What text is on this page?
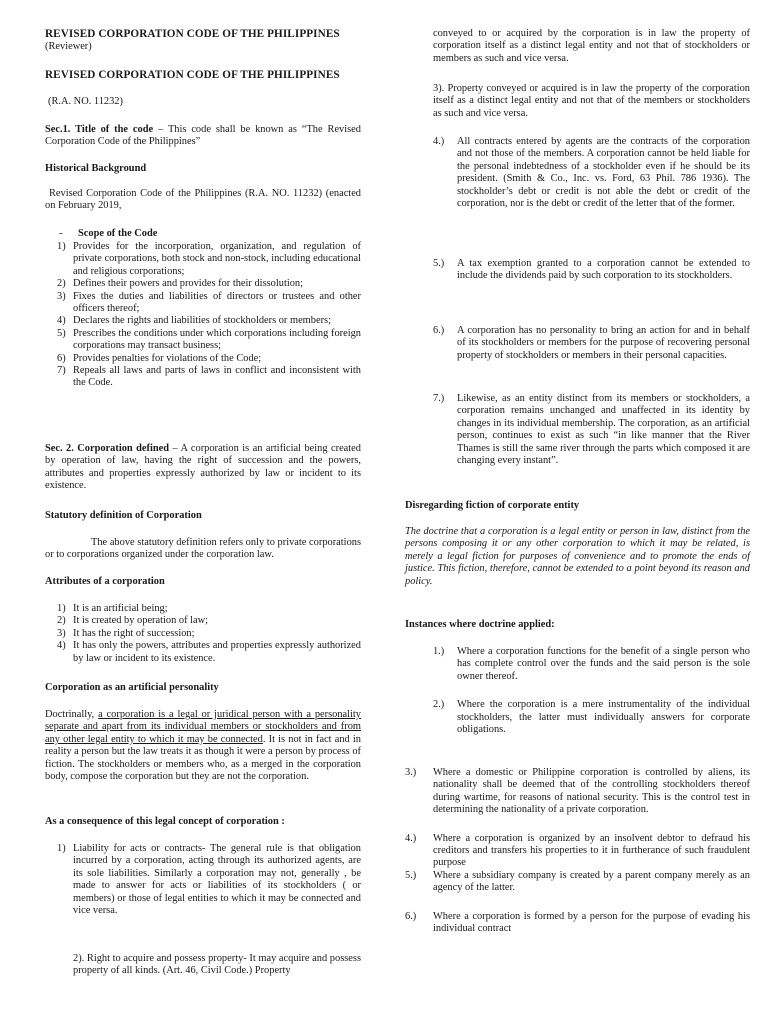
REVISED CORPORATION CODE OF THE PHILIPPINES
(Reviewer)
REVISED CORPORATION CODE OF THE PHILIPPINES
(R.A. NO. 11232)
Sec.1. Title of the code – This code shall be known as “The Revised Corporation Code of the Philippines”
Historical Background
Revised Corporation Code of the Philippines (R.A. NO. 11232) (enacted on February 2019,
- Scope of the Code
1) Provides for the incorporation, organization, and regulation of private corporations, both stock and non-stock, including educational and religious corporations;
2) Defines their powers and provides for their dissolution;
3) Fixes the duties and liabilities of directors or trustees and other officers thereof;
4) Declares the rights and liabilities of stockholders or members;
5) Prescribes the conditions under which corporations including foreign corporations may transact business;
6) Provides penalties for violations of the Code;
7) Repeals all laws and parts of laws in conflict and inconsistent with the Code.
Sec. 2. Corporation defined – A corporation is an artificial being created by operation of law, having the right of succession and the powers, attributes and properties expressly authorized by law or incident to its existence.
Statutory definition of Corporation
The above statutory definition refers only to private corporations or to corporations organized under the corporation law.
Attributes of a corporation
1) It is an artificial being;
2) It is created by operation of law;
3) It has the right of succession;
4) It has only the powers, attributes and properties expressly authorized by law or incident to its existence.
Corporation as an artificial personality
Doctrinally, a corporation is a legal or juridical person with a personality separate and apart from its individual members or stockholders and from any other legal entity to which it may be connected. It is not in fact and in reality a person but the law treats it as though it were a person by process of fiction. The stockholders or members who, as a merged in the corporation body, compose the corporation but they are not the corporation.
As a consequence of this legal concept of corporation :
1) Liability for acts or contracts- The general rule is that obligation incurred by a corporation, acting through its authorized agents, are its sole liabilities. Similarly a corporation may not, generally , be made to answer for acts or liabilities of its stockholders ( or members) or those of legal entities to which it may be connected and vice versa.
2). Right to acquire and possess property- It may acquire and possess property of all kinds. (Art. 46, Civil Code.) Property
conveyed to or acquired by the corporation is in law the property of corporation itself as a distinct legal entity and not that of stockholders or members as such and vice versa.
3). Property conveyed or acquired is in law the property of the corporation itself as a distinct legal entity and not that of the members or stockholders as such and vice versa.
4.) All contracts entered by agents are the contracts of the corporation and not those of the members. A corporation cannot be held liable for the personal indebtedness of a stockholder even if he should be its president. (Smith & Co., Inc. vs. Ford, 63 Phil. 786 1936). The stockholder’s debt or credit is not able the debt or credit of the corporation, nor is the debt or credit of the letter that of the former.
5.) A tax exemption granted to a corporation cannot be extended to include the dividends paid by such corporation to its stockholders.
6.) A corporation has no personality to bring an action for and in behalf of its stockholders or members for the purpose of recovering personal property of stockholders or members in their personal capacities.
7.) Likewise, as an entity distinct from its members or stockholders, a corporation remains unchanged and unaffected in its identity by changes in its individual membership. The corporation, as an artificial person, continues to exist as such “in like manner that the River Thames is still the same river through the parts which composed it are changing every instant”.
Disregarding fiction of corporate entity
The doctrine that a corporation is a legal entity or person in law, distinct from the persons composing it or any other corporation to which it may be related, is merely a legal fiction for purposes of convenience and to promote the ends of justice. This fiction, therefore, cannot be extended to a point beyond its reason and policy.
Instances where doctrine applied:
1.) Where a corporation functions for the benefit of a single person who has complete control over the funds and the said person is the sole owner thereof.
2.) Where the corporation is a mere instrumentality of the individual stockholders, the latter must individually answers for corporate obligations.
3.) Where a domestic or Philippine corporation is controlled by aliens, its nationality shall be deemed that of the controlling stockholders thereof during wartime, for reasons of national security. This is the control test in determining the nationality of a private corporation.
4.) Where a corporation is organized by an insolvent debtor to defraud his creditors and transfers his properties to it in furtherance of such fraudulent purpose
5.) Where a subsidiary company is created by a parent company merely as an agency of the latter.
6.) Where a corporation is formed by a person for the purpose of evading his individual contract
